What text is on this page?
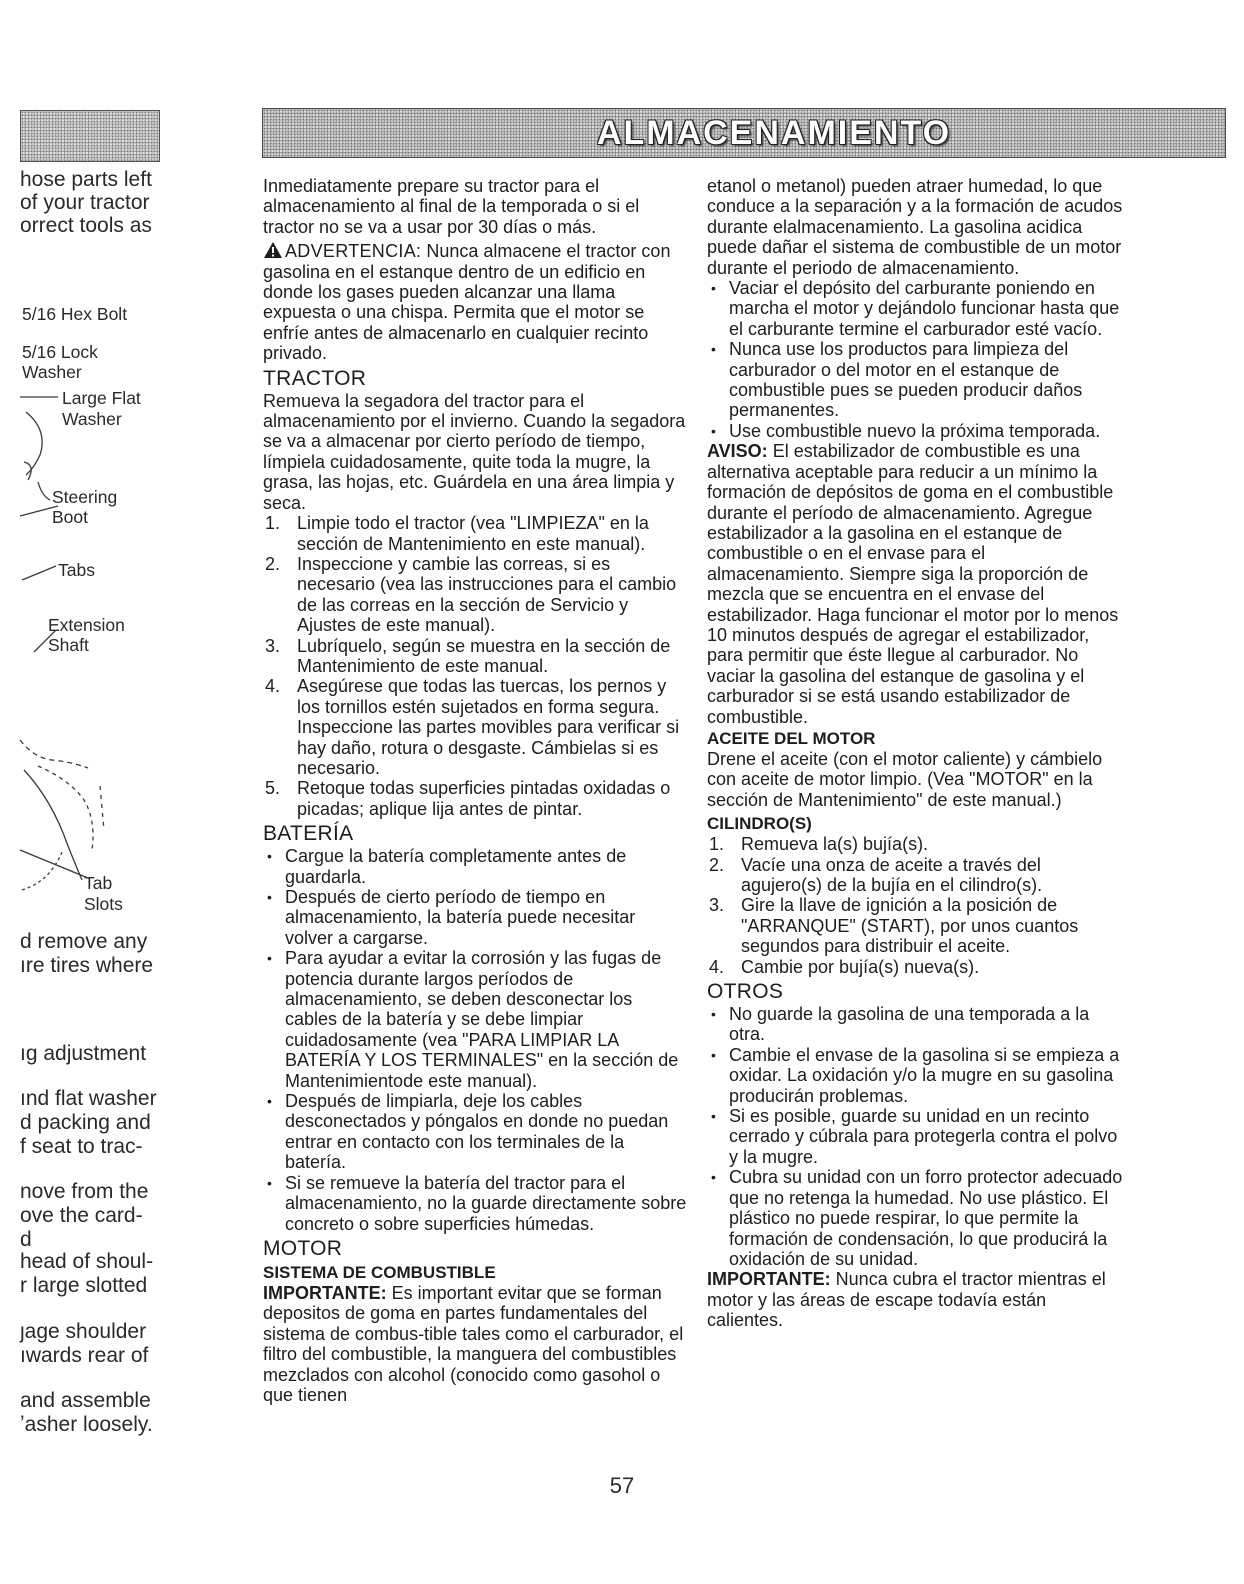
hose parts left
of your tractor
orrect tools as
5/16 Hex Bolt
5/16 Lock
Washer
Large Flat
Washer
Steering
Boot
Tabs
Extension
Shaft
Tab
Slots
d remove any
ıre tires where
ıg adjustment
ınd flat washer
d packing and
f seat to trac-
nove from the
ove the card-
d
head of shoul-
r large slotted
ȷage shoulder
ıwards rear of
and assemble
ʼasher loosely.
ALMACENAMIENTO

Inmediatamente prepare su tractor para el almacenamiento al final de la temporada o si el tractor no se va a usar por 30 días o más.

ADVERTENCIA: Nunca almacene el tractor con gasolina en el estanque dentro de un edificio en donde los gases pueden alcanzar una llama expuesta o una chispa. Permita que el motor se enfríe antes de almacenarlo en cualquier recinto privado.

TRACTOR

Remueva la segadora del tractor para el almacenamiento por el invierno. Cuando la segadora se va a almacenar por cierto período de tiempo, límpiela cuidadosamente, quite toda la mugre, la grasa, las hojas, etc. Guárdela en una área limpia y seca.

1. Limpie todo el tractor (vea "LIMPIEZA" en la sección de Mantenimiento en este manual).
2. Inspeccione y cambie las correas, si es necesario (vea las instrucciones para el cambio de las correas en la sección de Servicio y Ajustes de este manual).
3. Lubríquelo, según se muestra en la sección de Mantenimiento de este manual.
4. Asegúrese que todas las tuercas, los pernos y los tornillos estén sujetados en forma segura. Inspeccione las partes movibles para verificar si hay daño, rotura o desgaste. Cámbielas si es necesario.
5. Retoque todas superficies pintadas oxidadas o picadas; aplique lija antes de pintar.
BATERÍA
• Cargue la batería completamente antes de guardarla.
• Después de cierto período de tiempo en almacenamiento, la batería puede necesitar volver a cargarse.
• Para ayudar a evitar la corrosión y las fugas de potencia durante largos períodos de almacenamiento, se deben desconectar los cables de la batería y se debe limpiar cuidadosamente (vea "PARA LIMPIAR LA BATERÍA Y LOS TERMINALES" en la sección de Mantenimientode este manual).
• Después de limpiarla, deje los cables desconectados y póngalos en donde no puedan entrar en contacto con los terminales de la batería.
• Si se remueve la batería del tractor para el almacenamiento, no la guarde directamente sobre concreto o sobre superficies húmedas.
MOTOR
SISTEMA DE COMBUSTIBLE

IMPORTANTE: Es important evitar que se forman depositos de goma en partes fundamentales del sistema de combus-tible tales como el carburador, el filtro del combustible, la manguera del combustibles mezclados con alcohol (conocido como gasohol o que tienen

etanol o metanol) pueden atraer humedad, lo que conduce a la separación y a la formación de acudos durante elalmacenamiento. La gasolina acidica puede dañar el sistema de combustible de un motor durante el periodo de almacenamiento.

• Vaciar el depósito del carburante poniendo en marcha el motor y dejándolo funcionar hasta que el carburante termine el carburador esté vacío.
• Nunca use los productos para limpieza del carburador o del motor en el estanque de combustible pues se pueden producir daños permanentes.
• Use combustible nuevo la próxima temporada.

AVISO: El estabilizador de combustible es una alternativa aceptable para reducir a un mínimo la formación de depósitos de goma en el combustible durante el período de almacenamiento. Agregue estabilizador a la gasolina en el estanque de combustible o en el envase para el almacenamiento. Siempre siga la proporción de mezcla que se encuentra en el envase del estabilizador. Haga funcionar el motor por lo menos 10 minutos después de agregar el estabilizador, para permitir que éste llegue al carburador. No vaciar la gasolina del estanque de gasolina y el carburador si se está usando estabilizador de combustible.

ACEITE DEL MOTOR

Drene el aceite (con el motor caliente) y cámbielo con aceite de motor limpio. (Vea "MOTOR" en la sección de Mantenimiento" de este manual.)

CILINDRO(S)
1. Remueva la(s) bujía(s).
2. Vacíe una onza de aceite a través del agujero(s) de la bujía en el cilindro(s).
3. Gire la llave de ignición a la posición de "ARRANQUE" (START), por unos cuantos segundos para distribuir el aceite.
4. Cambie por bujía(s) nueva(s).
OTROS
• No guarde la gasolina de una temporada a la otra.
• Cambie el envase de la gasolina si se empieza a oxidar. La oxidación y/o la mugre en su gasolina producirán problemas.
• Si es posible, guarde su unidad en un recinto cerrado y cúbrala para protegerla contra el polvo y la mugre.
• Cubra su unidad con un forro protector adecuado que no retenga la humedad. No use plástico. El plástico no puede respirar, lo que permite la formación de condensación, lo que producirá la oxidación de su unidad.

IMPORTANTE: Nunca cubra el tractor mientras el motor y las áreas de escape todavía están calientes.

57
